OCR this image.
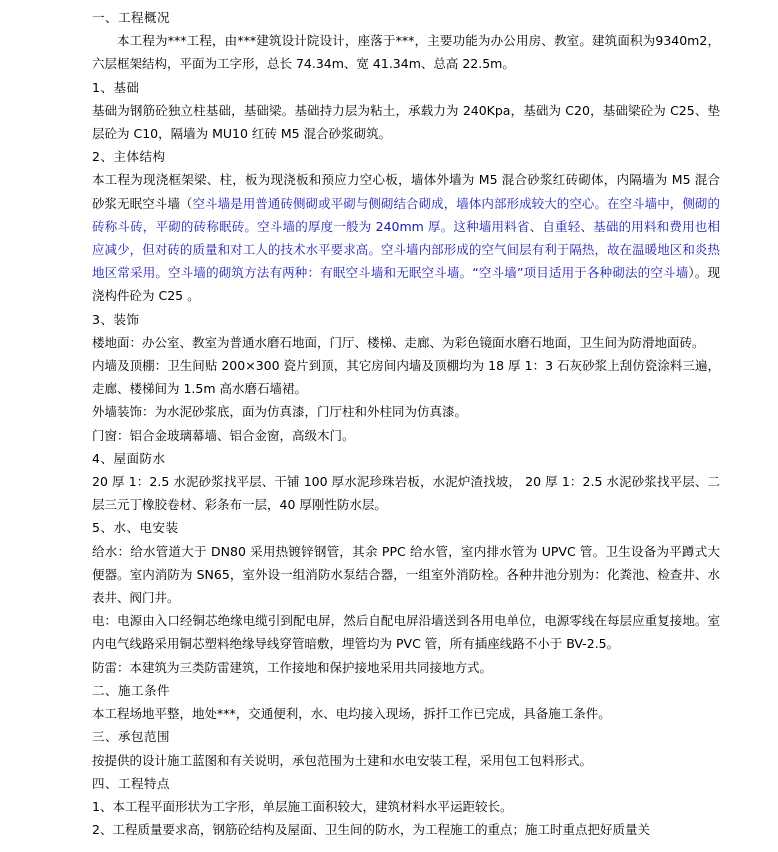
一、工程概况

本工程为***工程，由***建筑设计院设计，座落于***，主要功能为办公用房、教室。建筑面积为9340m2，六层框架结构，平面为工字形，总长 74.34m、宽 41.34m、总高 22.5m。

1、基础

基础为钢筋砼独立柱基础，基础梁。基础持力层为粘土，承载力为 240Kpa，基础为 C20，基础梁砼为 C25、垫层砼为 C10，隔墙为 MU10 红砖 M5 混合砂浆砌筑。

2、主体结构

本工程为现浇框架梁、柱，板为现浇板和预应力空心板，墙体外墙为 M5 混合砂浆红砖砌体，内隔墙为 M5 混合砂浆无眠空斗墙（空斗墙是用普通砖侧砌或平砌与侧砌结合砌成，墙体内部形成较大的空心。在空斗墙中，侧砌的砖称斗砖，平砌的砖称眠砖。空斗墙的厚度一般为 240mm 厚。这种墙用料省、自重轻、基础的用料和费用也相应减少，但对砖的质量和对工人的技术水平要求高。空斗墙内部形成的空气间层有利于隔热，故在温暖地区和炎热地区常采用。空斗墙的砌筑方法有两种：有眠空斗墙和无眠空斗墙。“空斗墙”项目适用于各种砌法的空斗墙）。现浇构件砼为 C25 。

3、装饰

楼地面：办公室、教室为普通水磨石地面，门厅、楼梯、走廊、为彩色镜面水磨石地面，卫生间为防滑地面砖。

内墙及顶棚：卫生间贴 200×300 瓷片到顶，其它房间内墙及顶棚均为 18 厚 1：3 石灰砂浆上刮仿瓷涂料三遍，走廊、楼梯间为 1.5m 高水磨石墙裙。

外墙装饰：为水泥砂浆底，面为仿真漆，门厅柱和外柱同为仿真漆。

门窗：铝合金玻璃幕墙、铝合金窗，高级木门。

4、屋面防水

20 厚 1：2.5 水泥砂浆找平层、干铺 100 厚水泥珍珠岩板，水泥炉渣找坡， 20 厚 1：2.5 水泥砂浆找平层、二层三元丁橡胶卷材、彩条布一层，40 厚刚性防水层。

5、水、电安装

给水：给水管道大于 DN80 采用热镀锌钢管，其余 PPC 给水管，室内排水管为 UPVC 管。卫生设备为平蹲式大便器。室内消防为 SN65，室外设一组消防水泵结合器，一组室外消防栓。各种井池分别为：化粪池、检查井、水表井、阀门井。

电：电源由入口经铜芯绝缘电缆引到配电屏，然后自配电屏沿墙送到各用电单位，电源零线在每层应重复接地。室内电气线路采用铜芯塑料绝缘导线穿管暗敷，埋管均为 PVC 管，所有插座线路不小于 BV-2.5。

防雷：本建筑为三类防雷建筑，工作接地和保护接地采用共同接地方式。

二、施工条件

本工程场地平整，地处***，交通便利，水、电均接入现场，拆扦工作已完成，具备施工条件。

三、承包范围

按提供的设计施工蓝图和有关说明，承包范围为土建和水电安装工程，采用包工包料形式。

四、工程特点

1、本工程平面形状为工字形，单层施工面积较大，建筑材料水平运距较长。

2、工程质量要求高，钢筋砼结构及屋面、卫生间的防水，为工程施工的重点；施工时重点把好质量关
